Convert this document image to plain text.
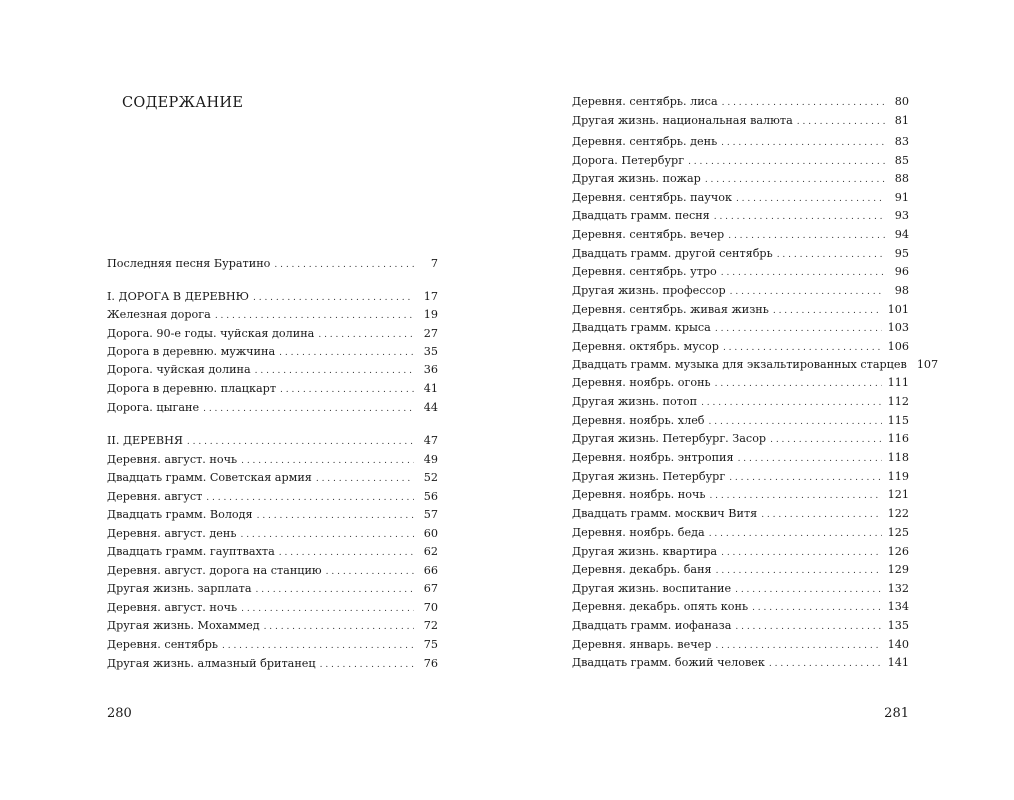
СОДЕРЖАНИЕ
Последняя песня Буратино . . .	7
I. ДОРОГА В ДЕРЕВНЮ . . .	17
Железная дорога . . .	19
Дорога. 90-е годы. чуйская долина . . .	27
Дорога в деревню. мужчина . . .	35
Дорога. чуйская долина . . .	36
Дорога в деревню. плацкарт . . .	41
Дорога. цыгане . . .	44
II. ДЕРЕВНЯ . . .	47
Деревня. август. ночь . . .	49
Двадцать грамм. Советская армия . . .	52
Деревня. август . . .	56
Двадцать грамм. Володя . . .	57
Деревня. август. день . . .	60
Двадцать грамм. гауптвахта . . .	62
Деревня. август. дорога на станцию . . .	66
Другая жизнь. зарплата . . .	67
Деревня. август. ночь . . .	70
Другая жизнь. Мохаммед . . .	72
Деревня. сентябрь . . .	75
Другая жизнь. алмазный британец . . .	76
280
Деревня. сентябрь. лиса . . .	80
Другая жизнь. национальная валюта . . .	81
Деревня. сентябрь. день . . .	83
Дорога. Петербург . . .	85
Другая жизнь. пожар . . .	88
Деревня. сентябрь. паучок . . .	91
Двадцать грамм. песня . . .	93
Деревня. сентябрь. вечер . . .	94
Двадцать грамм. другой сентябрь . . .	95
Деревня. сентябрь. утро . . .	96
Другая жизнь. профессор . . .	98
Деревня. сентябрь. живая жизнь . . .	101
Двадцать грамм. крыса . . .	103
Деревня. октябрь. мусор . . .	106
Двадцать грамм. музыка для экзальтированных старцев 107
Деревня. ноябрь. огонь . . .	111
Другая жизнь. потоп . . .	112
Деревня. ноябрь. хлеб . . .	115
Другая жизнь. Петербург. Засор . . .	116
Деревня. ноябрь. энтропия . . .	118
Другая жизнь. Петербург . . .	119
Деревня. ноябрь. ночь . . .	121
Двадцать грамм. москвич Витя . . .	122
Деревня. ноябрь. беда . . .	125
Другая жизнь. квартира . . .	126
Деревня. декабрь. баня . . .	129
Другая жизнь. воспитание . . .	132
Деревня. декабрь. опять конь . . .	134
Двадцать грамм. иофаназа . . .	135
Деревня. январь. вечер . . .	140
Двадцать грамм. божий человек . . .	141
281
